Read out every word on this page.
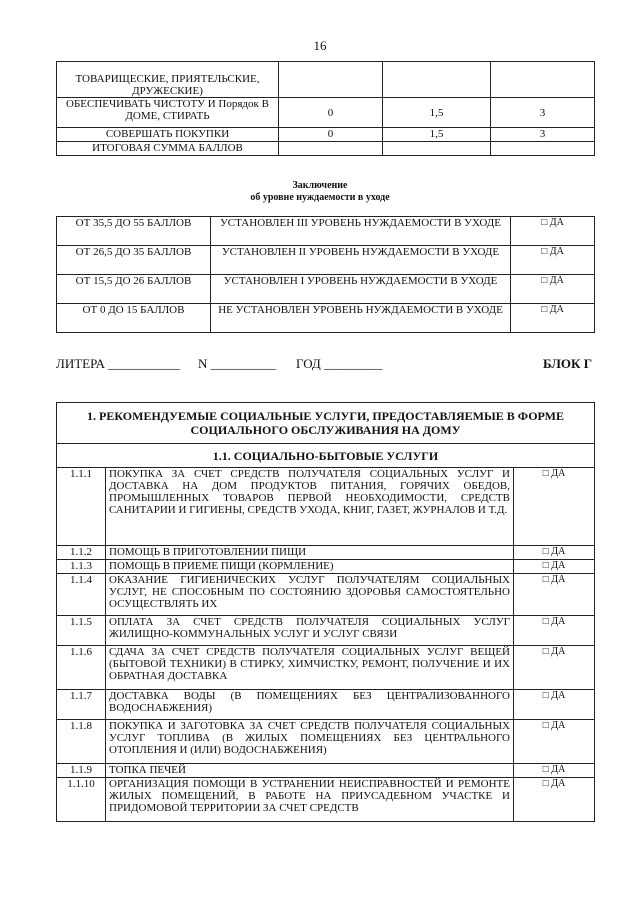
16
ТОВАРИЩЕСКИЕ, ПРИЯТЕЛЬСКИЕ, ДРУЖЕСКИЕ)			
ОБЕСПЕЧИВАТЬ ЧИСТОТУ И Порядок В ДОМЕ, СТИРАТЬ	0	1,5	3
СОВЕРШАТЬ ПОКУПКИ	0	1,5	3
ИТОГОВАЯ СУММА БАЛЛОВ			
Заключение
об уровне нуждаемости в уходе
ОТ 35,5 ДО 55 БАЛЛОВ	УСТАНОВЛЕН III УРОВЕНЬ НУЖДАЕМОСТИ В УХОДЕ	□ ДА
ОТ 26,5 ДО 35 БАЛЛОВ	УСТАНОВЛЕН II УРОВЕНЬ НУЖДАЕМОСТИ В УХОДЕ	□ ДА
ОТ 15,5 ДО 26 БАЛЛОВ	УСТАНОВЛЕН I УРОВЕНЬ НУЖДАЕМОСТИ В УХОДЕ	□ ДА
ОТ 0 ДО 15 БАЛЛОВ	НЕ УСТАНОВЛЕН УРОВЕНЬ НУЖДАЕМОСТИ В УХОДЕ	□ ДА
ЛИТЕРА ___________ N __________ ГОД _________	БЛОК Г
1. РЕКОМЕНДУЕМЫЕ СОЦИАЛЬНЫЕ УСЛУГИ, ПРЕДОСТАВЛЯЕМЫЕ В ФОРМЕ СОЦИАЛЬНОГО ОБСЛУЖИВАНИЯ НА ДОМУ		
1.1. СОЦИАЛЬНО-БЫТОВЫЕ УСЛУГИ		
1.1.1	ПОКУПКА ЗА СЧЕТ СРЕДСТВ ПОЛУЧАТЕЛЯ СОЦИАЛЬНЫХ УСЛУГ И ДОСТАВКА НА ДОМ ПРОДУКТОВ ПИТАНИЯ, ГОРЯЧИХ ОБЕДОВ, ПРОМЫШЛЕННЫХ ТОВАРОВ ПЕРВОЙ НЕОБХОДИМОСТИ, СРЕДСТВ САНИТАРИИ И ГИГИЕНЫ, СРЕДСТВ УХОДА, КНИГ, ГАЗЕТ, ЖУРНАЛОВ И Т.Д.	□ ДА
1.1.2	ПОМОЩЬ В ПРИГОТОВЛЕНИИ ПИЩИ	□ ДА
1.1.3	ПОМОЩЬ В ПРИЕМЕ ПИЩИ (КОРМЛЕНИЕ)	□ ДА
1.1.4	ОКАЗАНИЕ ГИГИЕНИЧЕСКИХ УСЛУГ ПОЛУЧАТЕЛЯМ СОЦИАЛЬНЫХ УСЛУГ, НЕ СПОСОБНЫМ ПО СОСТОЯНИЮ ЗДОРОВЬЯ САМОСТОЯТЕЛЬНО ОСУЩЕСТВЛЯТЬ ИХ	□ ДА
1.1.5	ОПЛАТА ЗА СЧЕТ СРЕДСТВ ПОЛУЧАТЕЛЯ СОЦИАЛЬНЫХ УСЛУГ ЖИЛИЩНО-КОММУНАЛЬНЫХ УСЛУГ И УСЛУГ СВЯЗИ	□ ДА
1.1.6	СДАЧА ЗА СЧЕТ СРЕДСТВ ПОЛУЧАТЕЛЯ СОЦИАЛЬНЫХ УСЛУГ ВЕЩЕЙ (БЫТОВОЙ ТЕХНИКИ) В СТИРКУ, ХИМЧИСТКУ, РЕМОНТ, ПОЛУЧЕНИЕ И ИХ ОБРАТНАЯ ДОСТАВКА	□ ДА
1.1.7	ДОСТАВКА ВОДЫ (В ПОМЕЩЕНИЯХ БЕЗ ЦЕНТРАЛИЗОВАННОГО ВОДОСНАБЖЕНИЯ)	□ ДА
1.1.8	ПОКУПКА И ЗАГОТОВКА ЗА СЧЕТ СРЕДСТВ ПОЛУЧАТЕЛЯ СОЦИАЛЬНЫХ УСЛУГ ТОПЛИВА (В ЖИЛЫХ ПОМЕЩЕНИЯХ БЕЗ ЦЕНТРАЛЬНОГО ОТОПЛЕНИЯ И (ИЛИ) ВОДОСНАБЖЕНИЯ)	□ ДА
1.1.9	ТОПКА ПЕЧЕЙ	□ ДА
1.1.10	ОРГАНИЗАЦИЯ ПОМОЩИ В УСТРАНЕНИИ НЕИСПРАВНОСТЕЙ И РЕМОНТЕ ЖИЛЫХ ПОМЕЩЕНИЙ, В РАБОТЕ НА ПРИУСАДЕБНОМ УЧАСТКЕ И ПРИДОМОВОЙ ТЕРРИТОРИИ ЗА СЧЕТ СРЕДСТВ	□ ДА
